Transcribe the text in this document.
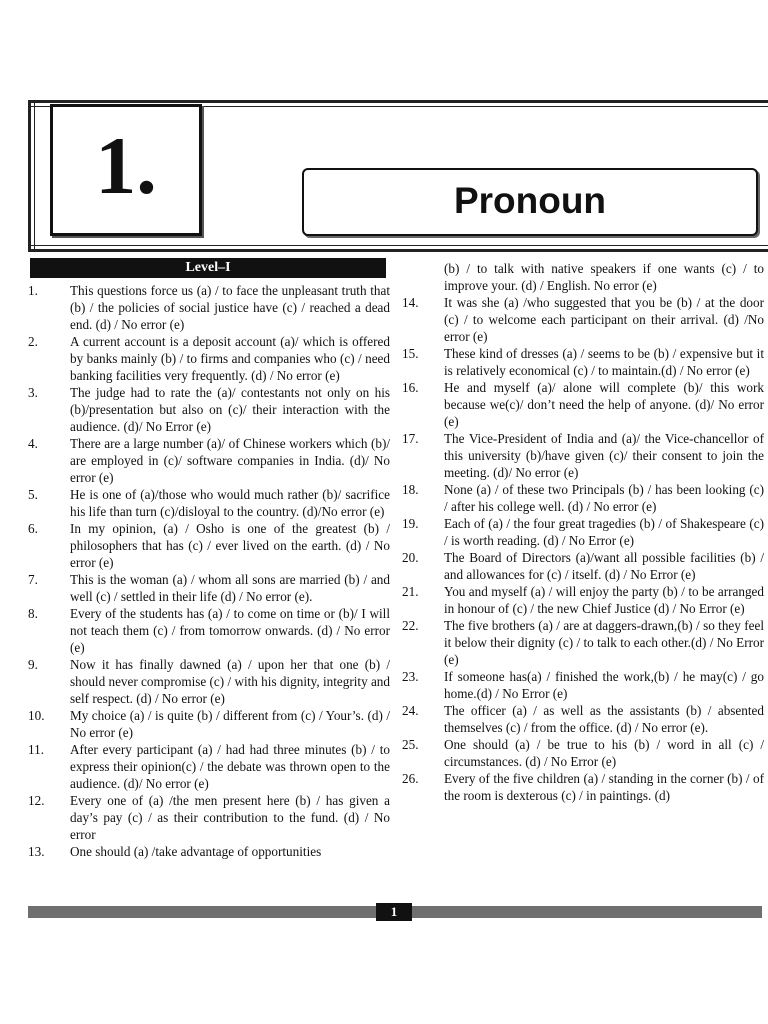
1.	Pronoun
Level–I
1.	This questions force us (a) / to face the unpleasant truth that (b) / the policies of social justice have (c) / reached a dead end. (d) / No error (e)
2.	A current account is a deposit account (a)/ which is offered by banks mainly (b) / to firms and companies who (c) / need banking facilities very frequently. (d) / No error (e)
3.	The judge had to rate the (a)/ contestants not only on his (b)/presentation but also on (c)/ their interaction with the audience. (d)/ No Error (e)
4.	There are a large number (a)/ of Chinese workers which (b)/ are employed in (c)/ software companies in India. (d)/ No error (e)
5.	He is one of (a)/those who would much rather (b)/ sacrifice his life than turn (c)/disloyal to the country. (d)/No error (e)
6.	In my opinion, (a) / Osho is one of the greatest (b) / philosophers that has (c) / ever lived on the earth. (d) / No error (e)
7.	This is the woman (a) / whom all sons are married (b) / and well (c) / settled in their life (d) / No error (e).
8.	Every of the students has (a) / to come on time or (b)/ I will not teach them (c) / from tomorrow onwards. (d) / No error (e)
9.	Now it has finally dawned (a) / upon her that one (b) / should never compromise (c) / with his dignity, integrity and self respect. (d) / No error (e)
10.	My choice (a) / is quite (b) / different from (c) / Your’s. (d) / No error (e)
11.	After every participant (a) / had had three minutes (b) / to express their opinion(c) / the debate was thrown open to the audience. (d)/ No error (e)
12.	Every one of (a) /the men present here (b) / has given a day’s pay (c) / as their contribution to the fund. (d) / No error
13.	One should (a) /take advantage of opportunities
(b) / to talk with native speakers if one wants (c) / to improve your. (d) / English. No error (e)
14.	It was she (a) /who suggested that you be (b) / at the door (c) / to welcome each participant on their arrival. (d) /No error (e)
15.	These kind of dresses (a) / seems to be (b) / expensive but it is relatively economical (c) / to maintain.(d) / No error (e)
16.	He and myself (a)/ alone will complete (b)/ this work because we(c)/ don’t need the help of anyone. (d)/ No error (e)
17.	The Vice-President of India and (a)/ the Vice-chancellor of this university (b)/have given (c)/ their consent to join the meeting. (d)/ No error (e)
18.	None (a) / of these two Principals (b) / has been looking (c) / after his college well. (d) / No error (e)
19.	Each of (a) / the four great tragedies (b) / of Shakespeare (c) / is worth reading. (d) / No Error (e)
20.	The Board of Directors (a)/want all possible facilities (b) / and allowances for (c) / itself. (d) / No Error (e)
21.	You and myself (a) / will enjoy the party (b) / to be arranged in honour of (c) / the new Chief Justice (d) / No Error (e)
22.	The five brothers (a) / are at daggers-drawn,(b) / so they feel it below their dignity (c) / to talk to each other.(d) / No Error (e)
23.	If someone has(a) / finished the work,(b) / he may(c) / go home.(d) / No Error (e)
24.	The officer (a) / as well as the assistants (b) / absented themselves (c) / from the office. (d) / No error (e).
25.	One should (a) / be true to his (b) / word in all (c) / circumstances. (d) / No Error (e)
26.	Every of the five children (a) / standing in the corner (b) / of the room is dexterous (c) / in paintings. (d)
1
